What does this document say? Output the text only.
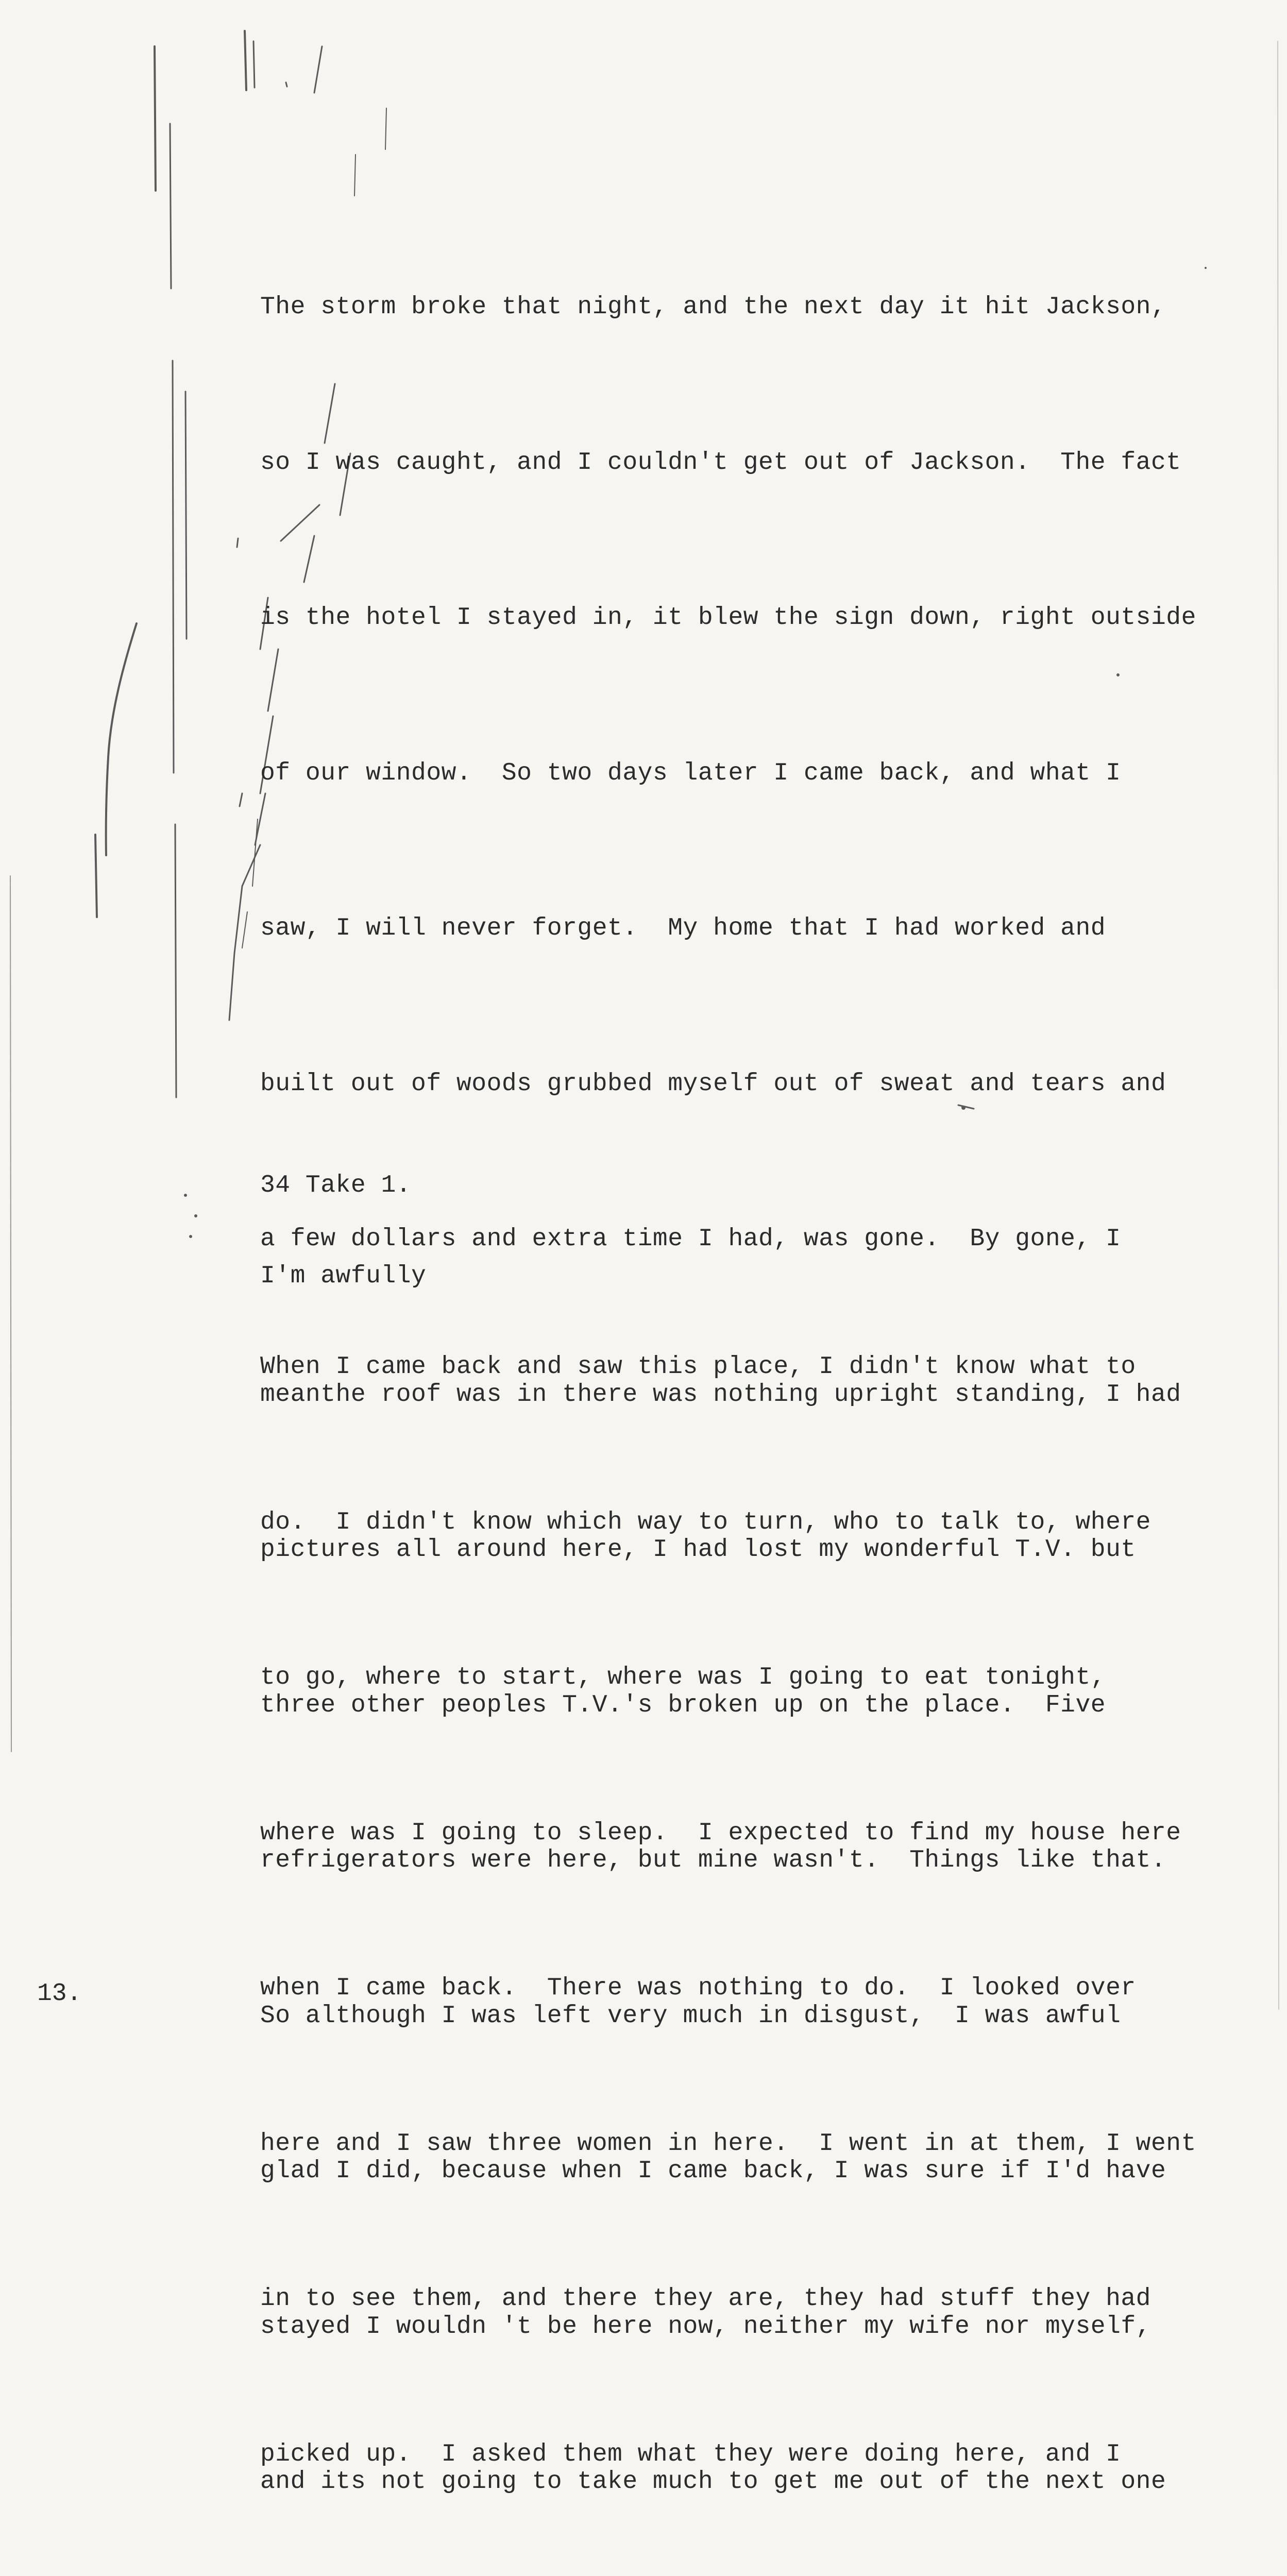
The storm broke that night, and the next day it hit Jackson,

so I was caught, and I couldn't get out of Jackson.  The fact

is the hotel I stayed in, it blew the sign down, right outside

of our window.  So two days later I came back, and what I

saw, I will never forget.  My home that I had worked and

built out of woods grubbed myself out of sweat and tears and

a few dollars and extra time I had, was gone.  By gone, I

meanthe roof was in there was nothing upright standing, I had

pictures all around here, I had lost my wonderful T.V. but

three other peoples T.V.'s broken up on the place.  Five

refrigerators were here, but mine wasn't.  Things like that.

So although I was left very much in disgust,  I was awful

glad I did, because when I came back, I was sure if I'd have

stayed I wouldn 't be here now, neither my wife nor myself,

and its not going to take much to get me out of the next one

34 Take 1.

I'm awfully

When I came back and saw this place, I didn't know what to

do.  I didn't know which way to turn, who to talk to, where

to go, where to start, where was I going to eat tonight,

where was I going to sleep.  I expected to find my house here

when I came back.  There was nothing to do.  I looked over

here and I saw three women in here.  I went in at them, I went

in to see them, and there they are, they had stuff they had

picked up.  I asked them what they were doing here, and I

13.
